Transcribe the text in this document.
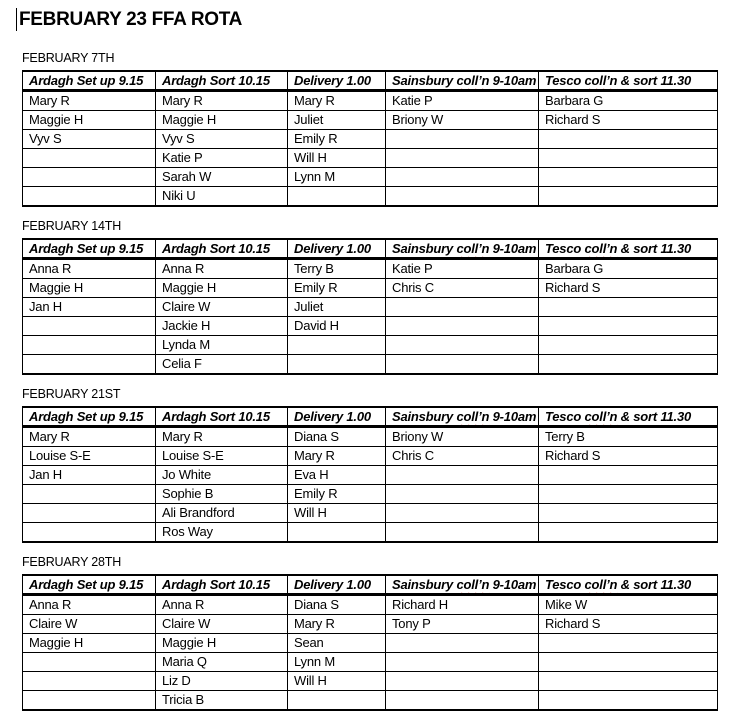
FEBRUARY 23 FFA ROTA
FEBRUARY 7TH
Ardagh Set up 9.15	Ardagh Sort 10.15	Delivery 1.00	Sainsbury coll’n 9-10am	Tesco coll’n & sort 11.30
Mary R	Mary R	Mary R	Katie P	Barbara G
Maggie H	Maggie H	Juliet	Briony W	Richard S
Vyv S	Vyv S	Emily R		
	Katie P	Will H		
	Sarah W	Lynn M		
	Niki U			
FEBRUARY 14TH
Ardagh Set up 9.15	Ardagh Sort 10.15	Delivery 1.00	Sainsbury coll’n 9-10am	Tesco coll’n & sort 11.30
Anna R	Anna R	Terry B	Katie P	Barbara G
Maggie H	Maggie H	Emily R	Chris C	Richard S
Jan H	Claire W	Juliet		
	Jackie H	David H		
	Lynda M			
	Celia F			
FEBRUARY 21ST
Ardagh Set up 9.15	Ardagh Sort 10.15	Delivery 1.00	Sainsbury coll’n 9-10am	Tesco coll’n & sort 11.30
Mary R	Mary R	Diana S	Briony W	Terry B
Louise S-E	Louise S-E	Mary R	Chris C	Richard S
Jan H	Jo White	Eva H		
	Sophie B	Emily R		
	Ali Brandford	Will H		
	Ros Way			
FEBRUARY 28TH
Ardagh Set up 9.15	Ardagh Sort 10.15	Delivery 1.00	Sainsbury coll’n 9-10am	Tesco coll’n & sort 11.30
Anna R	Anna R	Diana S	Richard H	Mike W
Claire W	Claire W	Mary R	Tony P	Richard S
Maggie H	Maggie H	Sean		
	Maria Q	Lynn M		
	Liz D	Will H		
	Tricia B			
